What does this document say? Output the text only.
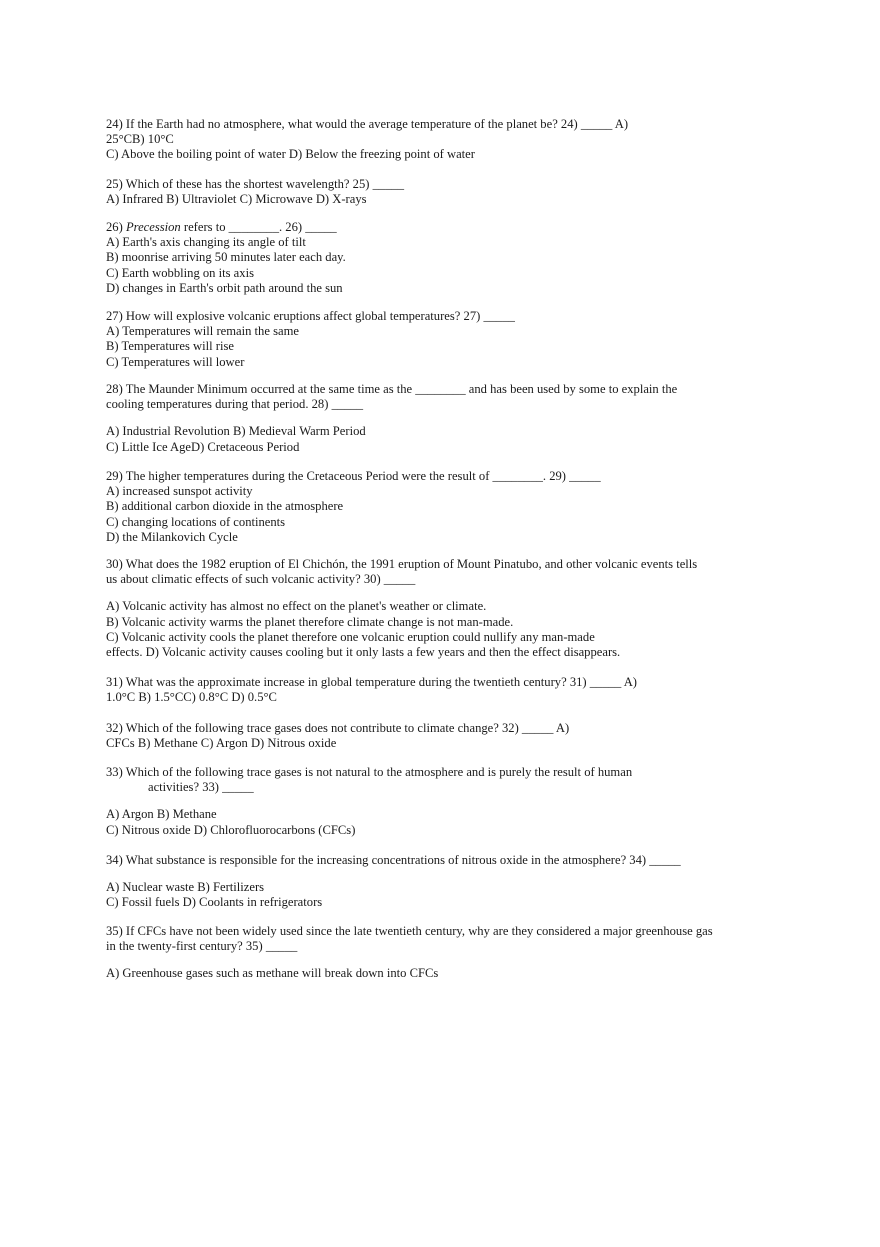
24) If the Earth had no atmosphere, what would the average temperature of the planet be? 24) _____ A)
25°CB) 10°C
C) Above the boiling point of water D) Below the freezing point of water
25) Which of these has the shortest wavelength? 25) _____
A) Infrared B) Ultraviolet C) Microwave D) X-rays
26) Precession refers to ________. 26) _____
A) Earth's axis changing its angle of tilt
B) moonrise arriving 50 minutes later each day.
C) Earth wobbling on its axis
D) changes in Earth's orbit path around the sun
27) How will explosive volcanic eruptions affect global temperatures? 27) _____
A) Temperatures will remain the same
B) Temperatures will rise
C) Temperatures will lower
28) The Maunder Minimum occurred at the same time as the ________ and has been used by some to explain the
cooling temperatures during that period. 28) _____
A) Industrial Revolution B) Medieval Warm Period
C) Little Ice AgeD) Cretaceous Period
29) The higher temperatures during the Cretaceous Period were the result of ________. 29) _____
A) increased sunspot activity
B) additional carbon dioxide in the atmosphere
C) changing locations of continents
D) the Milankovich Cycle
30) What does the 1982 eruption of El Chichón, the 1991 eruption of Mount Pinatubo, and other volcanic events tells
us about climatic effects of such volcanic activity? 30) _____
A) Volcanic activity has almost no effect on the planet's weather or climate.
B) Volcanic activity warms the planet therefore climate change is not man-made.
C) Volcanic activity cools the planet therefore one volcanic eruption could nullify any man-made
effects. D) Volcanic activity causes cooling but it only lasts a few years and then the effect disappears.
31) What was the approximate increase in global temperature during the twentieth century? 31) _____ A)
1.0°C B) 1.5°CC) 0.8°C D) 0.5°C
32) Which of the following trace gases does not contribute to climate change? 32) _____ A)
CFCs B) Methane C) Argon D) Nitrous oxide
33) Which of the following trace gases is not natural to the atmosphere and is purely the result of human
activities? 33) _____
A) Argon B) Methane
C) Nitrous oxide D) Chlorofluorocarbons (CFCs)
34) What substance is responsible for the increasing concentrations of nitrous oxide in the atmosphere? 34) _____
A) Nuclear waste B) Fertilizers
C) Fossil fuels D) Coolants in refrigerators
35) If CFCs have not been widely used since the late twentieth century, why are they considered a major greenhouse gas
in the twenty-first century? 35) _____
A) Greenhouse gases such as methane will break down into CFCs
